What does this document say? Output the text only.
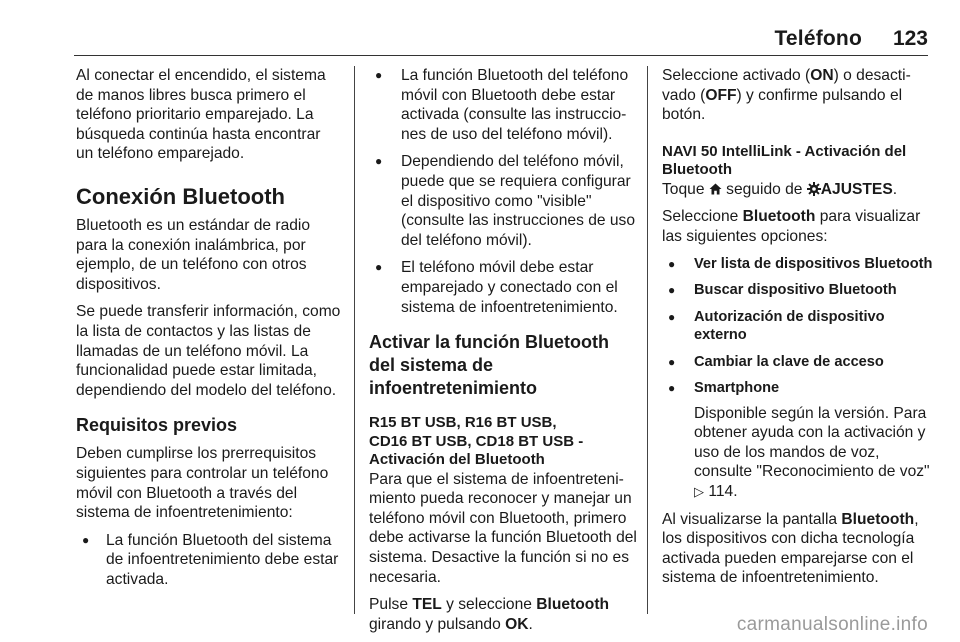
Teléfono 123

Al conectar el encendido, el sistema de manos libres busca primero el teléfono prioritario emparejado. La búsqueda continúa hasta encontrar un teléfono emparejado.

Conexión Bluetooth

Bluetooth es un estándar de radio para la conexión inalámbrica, por ejemplo, de un teléfono con otros dispositivos.

Se puede transferir información, como la lista de contactos y las listas de llamadas de un teléfono móvil. La funcionalidad puede estar limitada, dependiendo del modelo del teléfono.

Requisitos previos

Deben cumplirse los prerrequisitos siguientes para controlar un teléfono móvil con Bluetooth a través del sistema de infoentretenimiento:

● La función Bluetooth del sistema de infoentretenimiento debe estar activada.
● La función Bluetooth del teléfono móvil con Bluetooth debe estar activada (consulte las instrucciones de uso del teléfono móvil).
● Dependiendo del teléfono móvil, puede que se requiera configurar el dispositivo como "visible" (consulte las instrucciones de uso del teléfono móvil).
● El teléfono móvil debe estar emparejado y conectado con el sistema de infoentretenimiento.
Activar la función Bluetooth del sistema de infoentretenimiento
R15 BT USB, R16 BT USB,
CD16 BT USB, CD18 BT USB -
Activación del Bluetooth

Para que el sistema de infoentretenimiento pueda reconocer y manejar un teléfono móvil con Bluetooth, primero debe activarse la función Bluetooth del sistema. Desactive la función si no es necesaria.

Pulse TEL y seleccione Bluetooth girando y pulsando OK.

Seleccione activado (ON) o desactivado (OFF) y confirme pulsando el botón.

NAVI 50 IntelliLink - Activación del Bluetooth

Toque  seguido de AJUSTES.

Seleccione Bluetooth para visualizar las siguientes opciones:

● Ver lista de dispositivos Bluetooth
● Buscar dispositivo Bluetooth
● Autorización de dispositivo externo
● Cambiar la clave de acceso
● Smartphone
Disponible según la versión. Para obtener ayuda con la activación y uso de los mandos de voz, consulte "Reconocimiento de voz" ▷ 114.

Al visualizarse la pantalla Bluetooth, los dispositivos con dicha tecnología activada pueden emparejarse con el sistema de infoentretenimiento.

carmanualsonline.info
